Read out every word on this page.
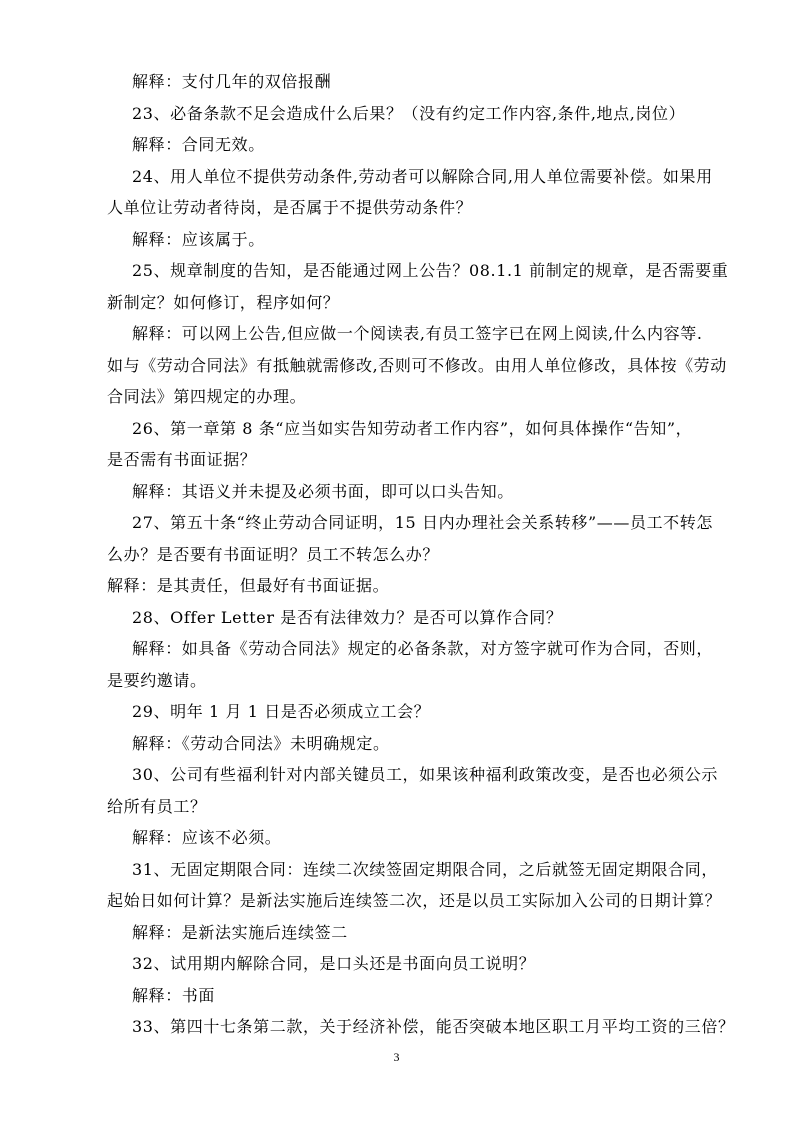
解释：支付几年的双倍报酬

23、必备条款不足会造成什么后果？（没有约定工作内容,条件,地点,岗位）

解释：合同无效。

24、用人单位不提供劳动条件,劳动者可以解除合同,用人单位需要补偿。如果用

人单位让劳动者待岗，是否属于不提供劳动条件？

解释：应该属于。

25、规章制度的告知，是否能通过网上公告？08.1.1 前制定的规章，是否需要重

新制定？如何修订，程序如何？

解释：可以网上公告,但应做一个阅读表,有员工签字已在网上阅读,什么内容等.

如与《劳动合同法》有抵触就需修改,否则可不修改。由用人单位修改，具体按《劳动

合同法》第四规定的办理。

26、第一章第 8 条“应当如实告知劳动者工作内容”，如何具体操作“告知”，

是否需有书面证据？

解释：其语义并未提及必须书面，即可以口头告知。

27、第五十条“终止劳动合同证明，15 日内办理社会关系转移”——员工不转怎

么办？是否要有书面证明？员工不转怎么办？

解释：是其责任，但最好有书面证据。

28、Offer Letter 是否有法律效力？是否可以算作合同？

解释：如具备《劳动合同法》规定的必备条款，对方签字就可作为合同，否则，

是要约邀请。

29、明年 1 月 1 日是否必须成立工会？

解释：《劳动合同法》未明确规定。

30、公司有些福利针对内部关键员工，如果该种福利政策改变，是否也必须公示

给所有员工？

解释：应该不必须。

31、无固定期限合同：连续二次续签固定期限合同，之后就签无固定期限合同，

起始日如何计算？是新法实施后连续签二次，还是以员工实际加入公司的日期计算？

解释：是新法实施后连续签二

32、试用期内解除合同，是口头还是书面向员工说明？

解释：书面

33、第四十七条第二款，关于经济补偿，能否突破本地区职工月平均工资的三倍？

3
